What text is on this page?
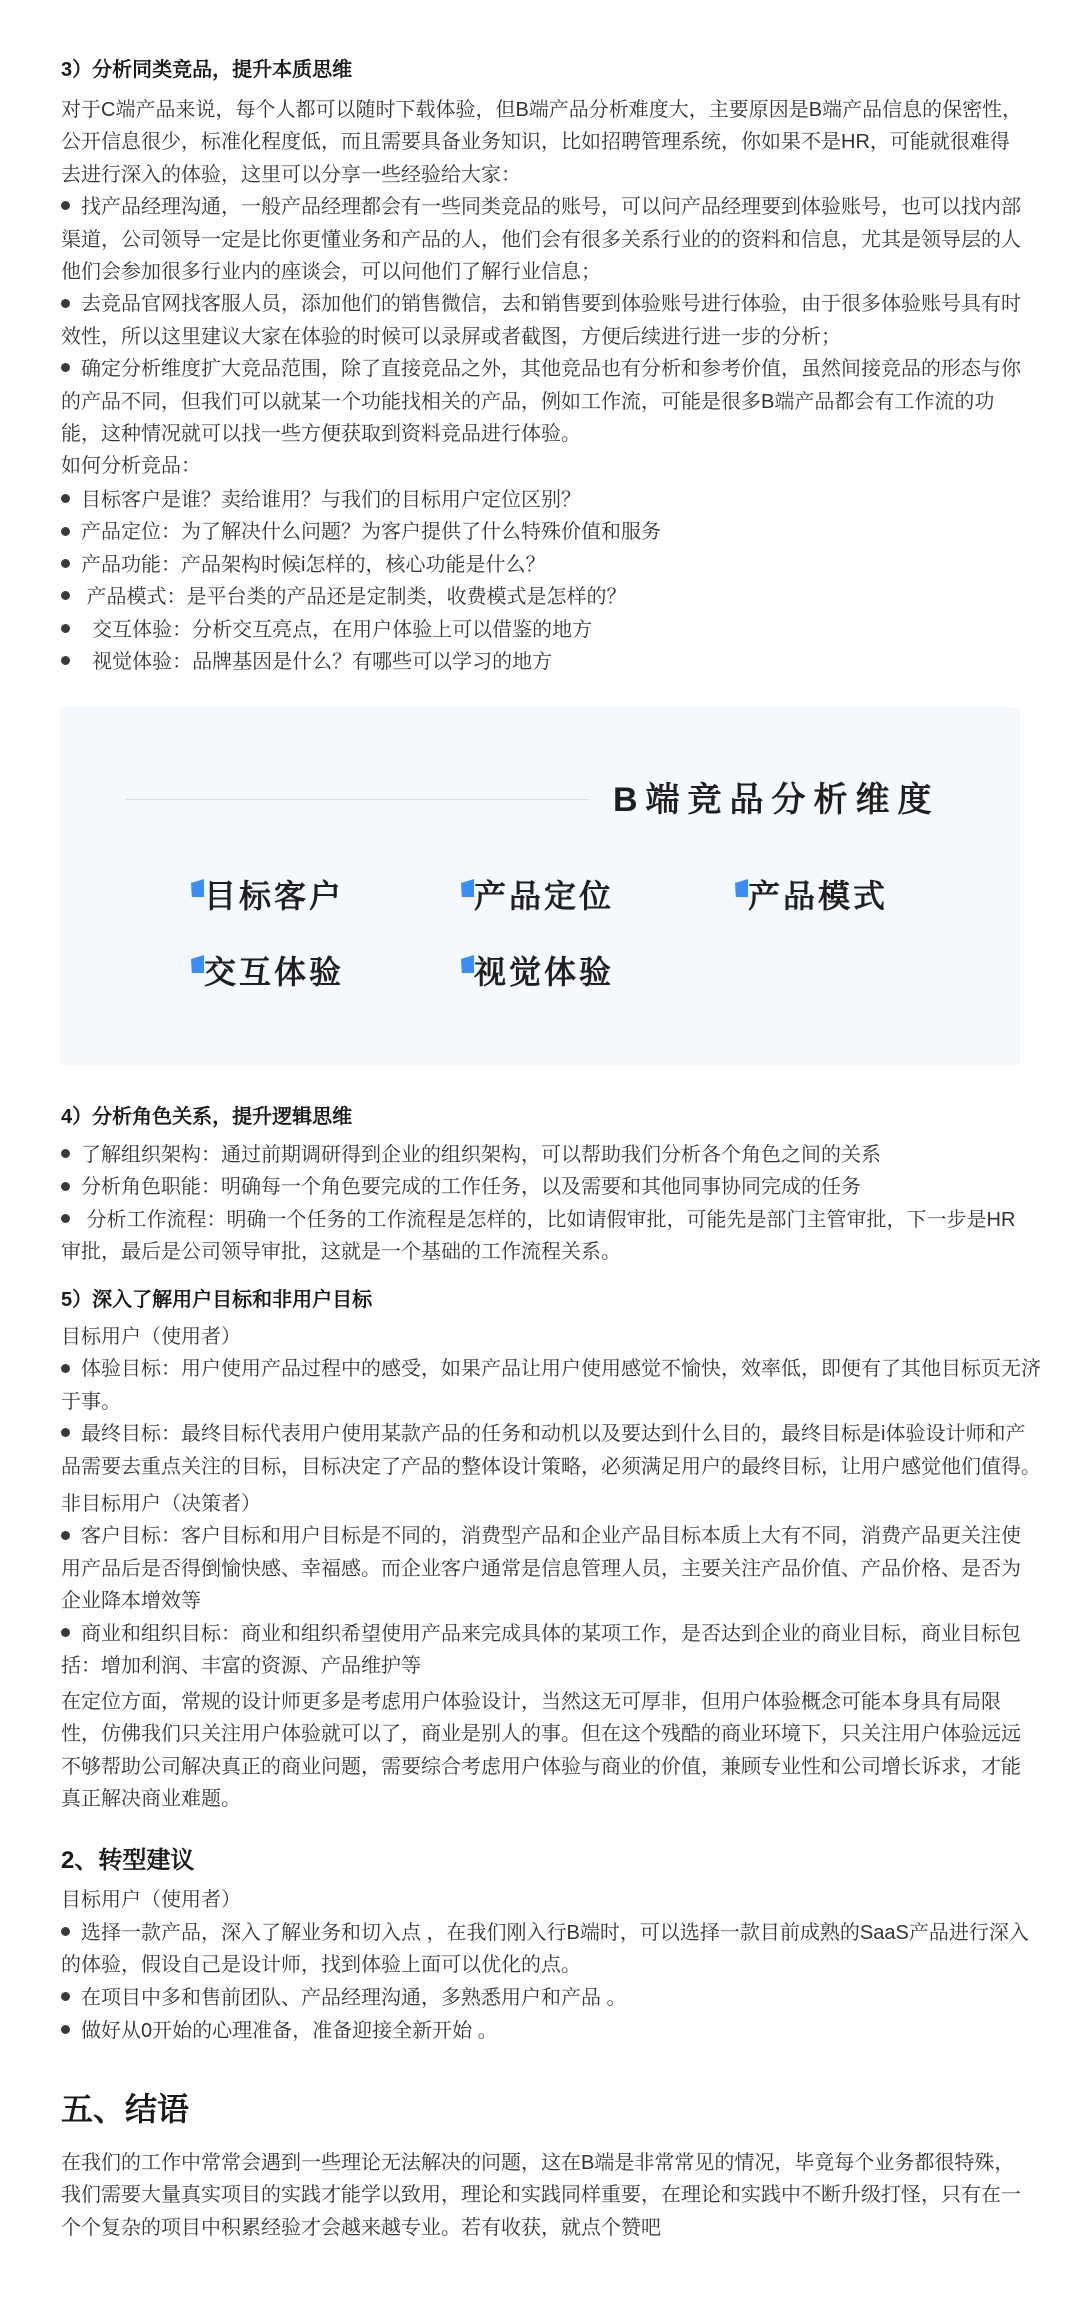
3）分析同类竞品，提升本质思维
对于C端产品来说，每个人都可以随时下载体验，但B端产品分析难度大，主要原因是B端产品信息的保密性，
公开信息很少，标准化程度低，而且需要具备业务知识，比如招聘管理系统，你如果不是HR，可能就很难得
去进行深入的体验，这里可以分享一些经验给大家：
找产品经理沟通，一般产品经理都会有一些同类竞品的账号，可以问产品经理要到体验账号，也可以找内部
渠道，公司领导一定是比你更懂业务和产品的人，他们会有很多关系行业的的资料和信息，尤其是领导层的人
他们会参加很多行业内的座谈会，可以问他们了解行业信息；
去竞品官网找客服人员，添加他们的销售微信，去和销售要到体验账号进行体验，由于很多体验账号具有时
效性，所以这里建议大家在体验的时候可以录屏或者截图，方便后续进行进一步的分析；
确定分析维度扩大竞品范围，除了直接竞品之外，其他竞品也有分析和参考价值，虽然间接竞品的形态与你
的产品不同，但我们可以就某一个功能找相关的产品，例如工作流，可能是很多B端产品都会有工作流的功
能，这种情况就可以找一些方便获取到资料竞品进行体验。
如何分析竞品：
目标客户是谁？卖给谁用？与我们的目标用户定位区别？
产品定位：为了解决什么问题？为客户提供了什么特殊价值和服务
产品功能：产品架构时候i怎样的，核心功能是什么？
产品模式：是平台类的产品还是定制类，收费模式是怎样的？
交互体验：分析交互亮点，在用户体验上可以借鉴的地方
视觉体验：品牌基因是什么？有哪些可以学习的地方
B端竞品分析维度
目标客户	产品定位	产品模式
交互体验	视觉体验
4）分析角色关系，提升逻辑思维
了解组织架构：通过前期调研得到企业的组织架构，可以帮助我们分析各个角色之间的关系
分析角色职能：明确每一个角色要完成的工作任务，以及需要和其他同事协同完成的任务
分析工作流程：明确一个任务的工作流程是怎样的，比如请假审批，可能先是部门主管审批，下一步是HR
审批，最后是公司领导审批，这就是一个基础的工作流程关系。
5）深入了解用户目标和非用户目标
目标用户（使用者）
体验目标：用户使用产品过程中的感受，如果产品让用户使用感觉不愉快，效率低，即便有了其他目标页无济
于事。
最终目标：最终目标代表用户使用某款产品的任务和动机以及要达到什么目的，最终目标是i体验设计师和产
品需要去重点关注的目标，目标决定了产品的整体设计策略，必须满足用户的最终目标，让用户感觉他们值得。
非目标用户（决策者）
客户目标：客户目标和用户目标是不同的，消费型产品和企业产品目标本质上大有不同，消费产品更关注使
用产品后是否得倒愉快感、幸福感。而企业客户通常是信息管理人员，主要关注产品价值、产品价格、是否为
企业降本增效等
商业和组织目标：商业和组织希望使用产品来完成具体的某项工作，是否达到企业的商业目标，商业目标包
括：增加利润、丰富的资源、产品维护等
在定位方面，常规的设计师更多是考虑用户体验设计，当然这无可厚非，但用户体验概念可能本身具有局限
性，仿佛我们只关注用户体验就可以了，商业是别人的事。但在这个残酷的商业环境下，只关注用户体验远远
不够帮助公司解决真正的商业问题，需要综合考虑用户体验与商业的价值，兼顾专业性和公司增长诉求，才能
真正解决商业难题。
2、转型建议
目标用户（使用者）
选择一款产品，深入了解业务和切入点 ，在我们刚入行B端时，可以选择一款目前成熟的SaaS产品进行深入
的体验，假设自己是设计师，找到体验上面可以优化的点。
在项目中多和售前团队、产品经理沟通，多熟悉用户和产品 。
做好从0开始的心理准备，准备迎接全新开始 。
五、结语
在我们的工作中常常会遇到一些理论无法解决的问题，这在B端是非常常见的情况，毕竟每个业务都很特殊，
我们需要大量真实项目的实践才能学以致用，理论和实践同样重要，在理论和实践中不断升级打怪，只有在一
个个复杂的项目中积累经验才会越来越专业。若有收获，就点个赞吧
